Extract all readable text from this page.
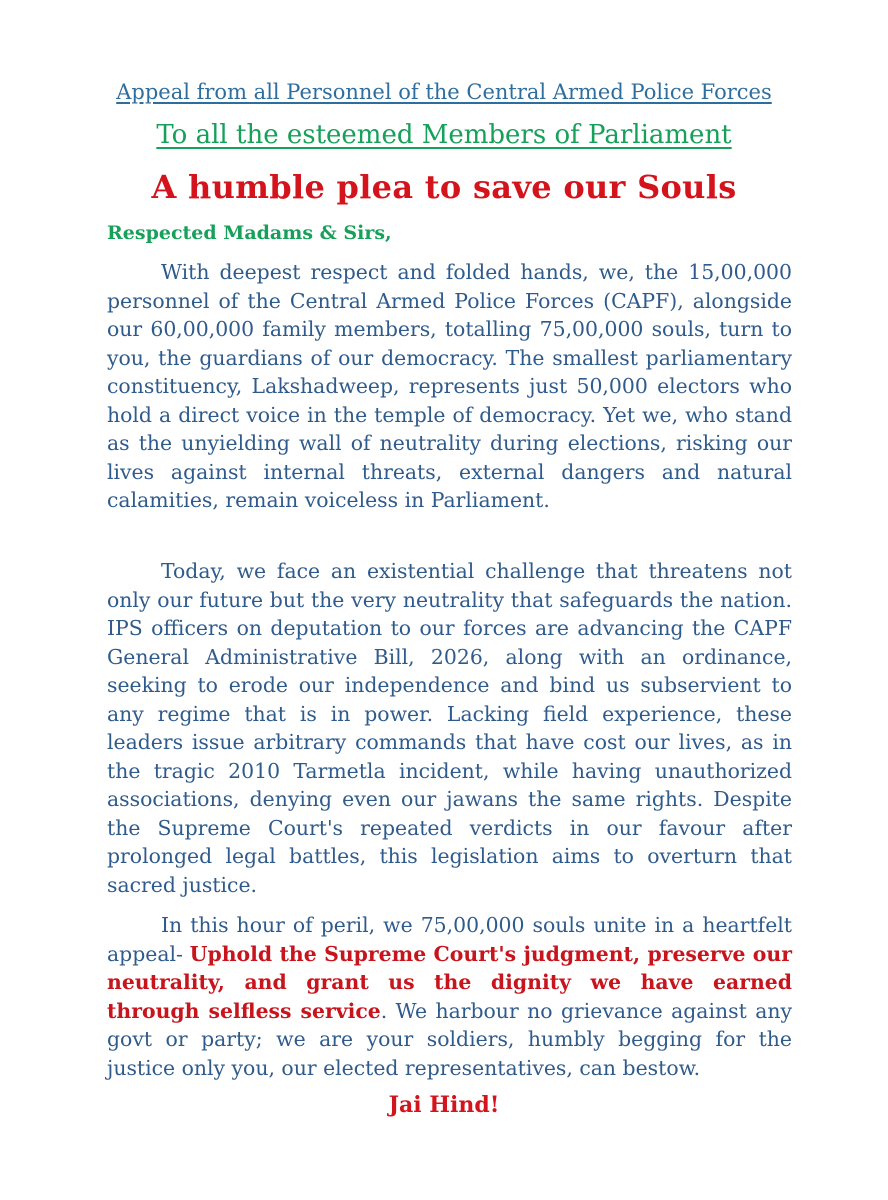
Appeal from all Personnel of the Central Armed Police Forces
To all the esteemed Members of Parliament
A humble plea to save our Souls
Respected Madams & Sirs,

With deepest respect and folded hands, we, the 15,00,000 personnel of the Central Armed Police Forces (CAPF), alongside our 60,00,000 family members, totalling 75,00,000 souls, turn to you, the guardians of our democracy. The smallest parliamentary constituency, Lakshadweep, represents just 50,000 electors who hold a direct voice in the temple of democracy. Yet we, who stand as the unyielding wall of neutrality during elections, risking our lives against internal threats, external dangers and natural calamities, remain voiceless in Parliament.

Today, we face an existential challenge that threatens not only our future but the very neutrality that safeguards the nation. IPS officers on deputation to our forces are advancing the CAPF General Administrative Bill, 2026, along with an ordinance, seeking to erode our independence and bind us subservient to any regime that is in power. Lacking field experience, these leaders issue arbitrary commands that have cost our lives, as in the tragic 2010 Tarmetla incident, while having unauthorized associations, denying even our jawans the same rights. Despite the Supreme Court's repeated verdicts in our favour after prolonged legal battles, this legislation aims to overturn that sacred justice.

In this hour of peril, we 75,00,000 souls unite in a heartfelt appeal- Uphold the Supreme Court's judgment, preserve our neutrality, and grant us the dignity we have earned through selfless service. We harbour no grievance against any govt or party; we are your soldiers, humbly begging for the justice only you, our elected representatives, can bestow.

Jai Hind!
